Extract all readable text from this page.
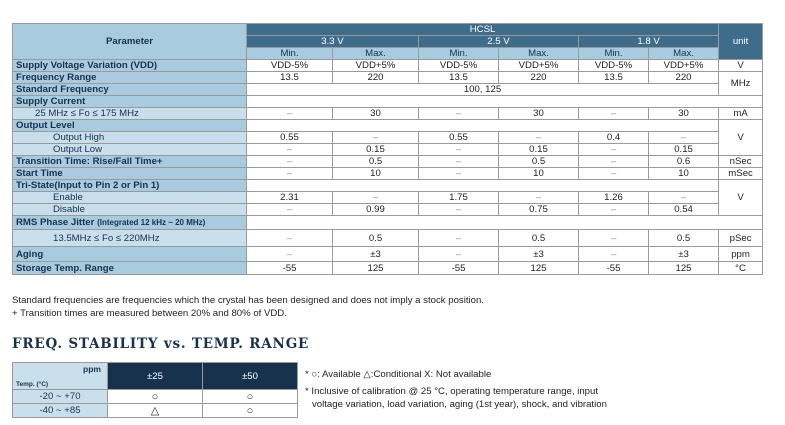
Parameter	HCSL						unit
	3.3 V		2.5 V		1.8 V		
	Min.	Max.	Min.	Max.	Min.	Max.	
Supply Voltage Variation (VDD)	VDD-5%	VDD+5%	VDD-5%	VDD+5%	VDD-5%	VDD+5%	V
Frequency Range	13.5	220	13.5	220	13.5	220	MHz
Standard Frequency	100, 125						
Supply Current							
25 MHz ≤ Fo ≤ 175 MHz	–	30	–	30	–	30	mA
Output Level							V
Output High	0.55	–	0.55	–	0.4	–	
Output Low	–	0.15	–	0.15	–	0.15	
Transition Time: Rise/Fall Time+	–	0.5	–	0.5	–	0.6	nSec
Start Time	–	10	–	10	–	10	mSec
Tri-State(Input to Pin 2 or Pin 1)							V
Enable	2.31	–	1.75	–	1.26	–	
Disable	–	0.99	–	0.75	–	0.54	
RMS Phase Jitter (Integrated 12 kHz ~ 20 MHz)							
13.5MHz ≤ Fo ≤ 220MHz	–	0.5	–	0.5	–	0.5	pSec
Aging	–	±3	–	±3	–	±3	ppm
Storage Temp. Range	-55	125	-55	125	-55	125	°C
Standard frequencies are frequencies which the crystal has been designed and does not imply a stock position.
+ Transition times are measured between 20% and 80% of VDD.
FREQ. STABILITY vs. TEMP. RANGE
ppm
Temp. (°C)	±25	±50
-20 ~ +70	○	○
-40 ~ +85	△	○

* ○: Available △:Conditional X: Not available

* Inclusive of calibration @ 25 °C, operating temperature range, input
voltage variation, load variation, aging (1st year), shock, and vibration
